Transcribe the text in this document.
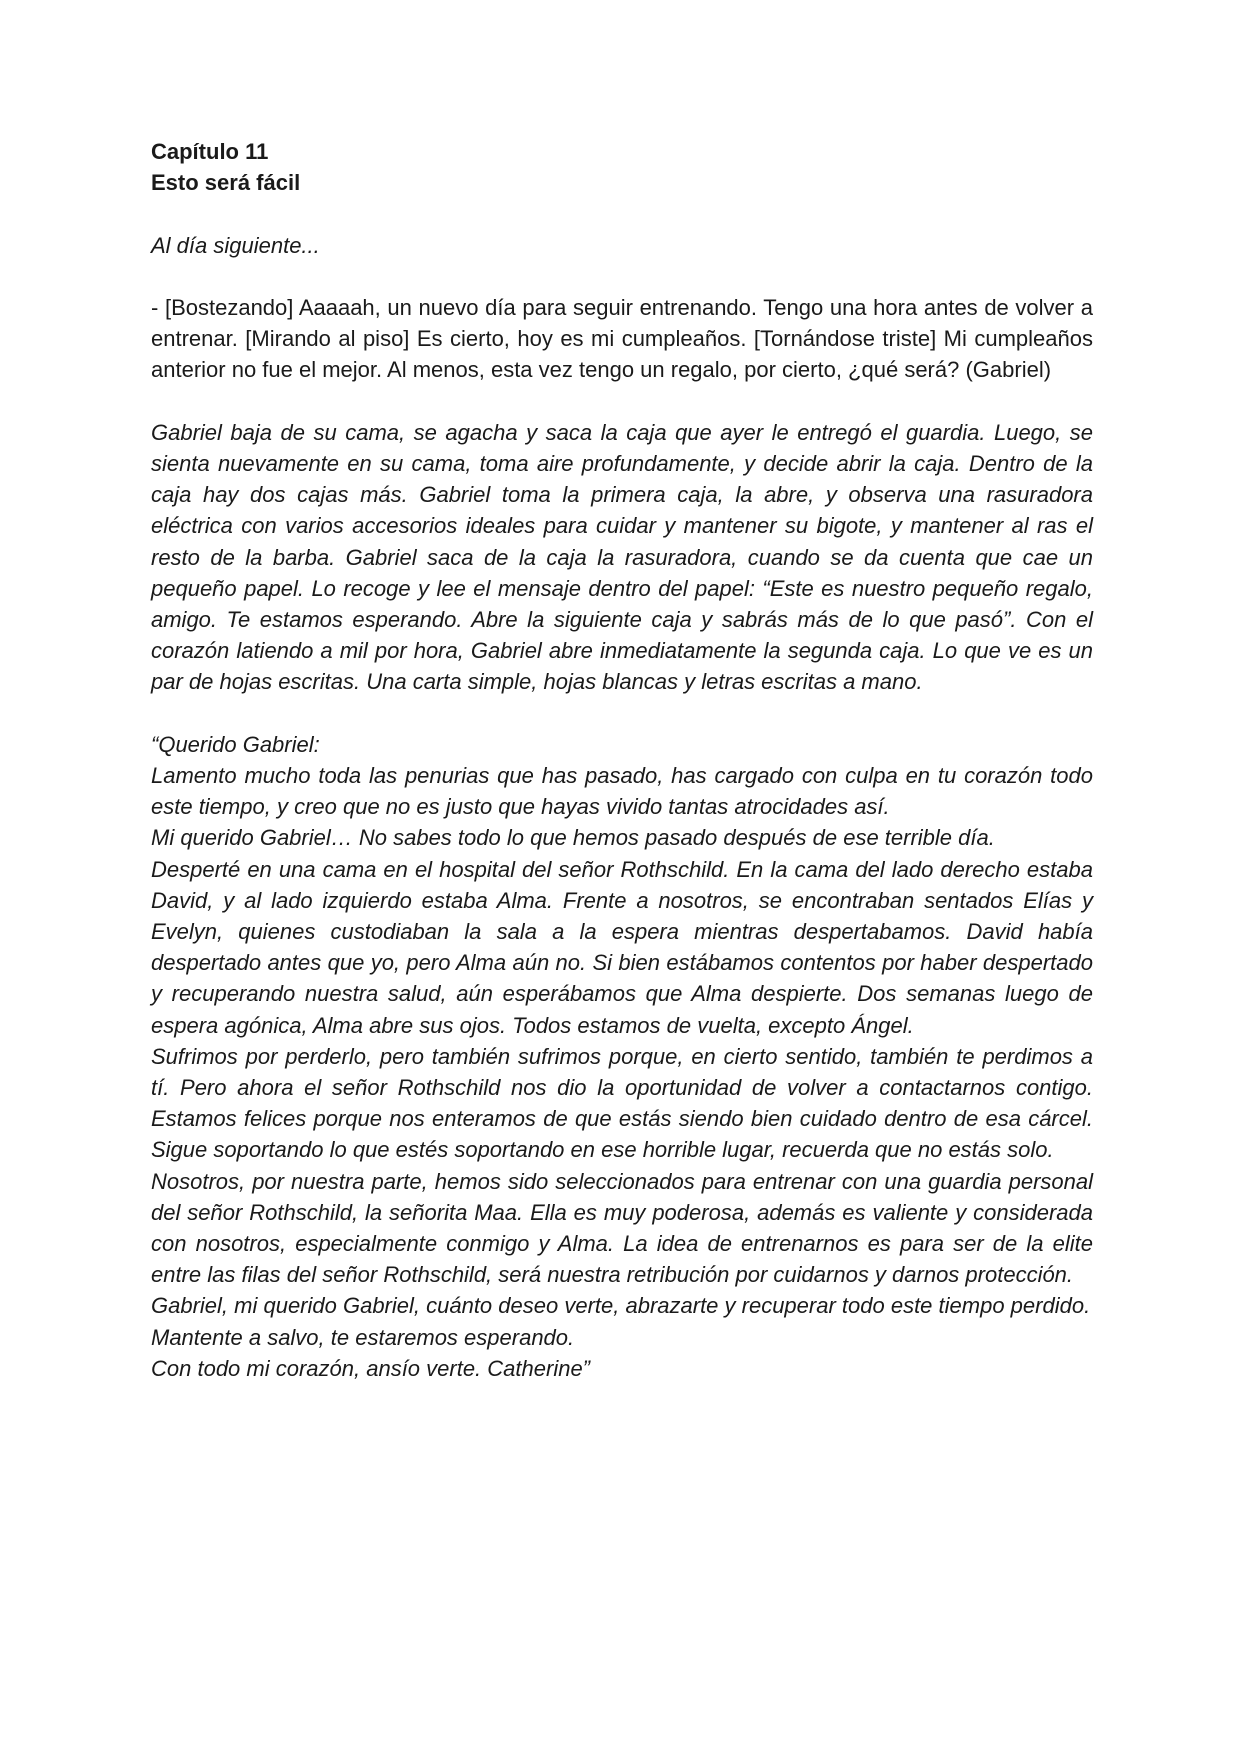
Capítulo 11

Esto será fácil

Al día siguiente...

- [Bostezando] Aaaaah, un nuevo día para seguir entrenando. Tengo una hora antes de volver a entrenar. [Mirando al piso] Es cierto, hoy es mi cumpleaños. [Tornándose triste] Mi cumpleaños anterior no fue el mejor. Al menos, esta vez tengo un regalo, por cierto, ¿qué será? (Gabriel)

Gabriel baja de su cama, se agacha y saca la caja que ayer le entregó el guardia. Luego, se sienta nuevamente en su cama, toma aire profundamente, y decide abrir la caja. Dentro de la caja hay dos cajas más. Gabriel toma la primera caja, la abre, y observa una rasuradora eléctrica con varios accesorios ideales para cuidar y mantener su bigote, y mantener al ras el resto de la barba. Gabriel saca de la caja la rasuradora, cuando se da cuenta que cae un pequeño papel. Lo recoge y lee el mensaje dentro del papel: “Este es nuestro pequeño regalo, amigo. Te estamos esperando. Abre la siguiente caja y sabrás más de lo que pasó”. Con el corazón latiendo a mil por hora, Gabriel abre inmediatamente la segunda caja. Lo que ve es un par de hojas escritas. Una carta simple, hojas blancas y letras escritas a mano.

“Querido Gabriel:

Lamento mucho toda las penurias que has pasado, has cargado con culpa en tu corazón todo este tiempo, y creo que no es justo que hayas vivido tantas atrocidades así.

Mi querido Gabriel… No sabes todo lo que hemos pasado después de ese terrible día.

Desperté en una cama en el hospital del señor Rothschild. En la cama del lado derecho estaba David, y al lado izquierdo estaba Alma. Frente a nosotros, se encontraban sentados Elías y Evelyn, quienes custodiaban la sala a la espera mientras despertabamos. David había despertado antes que yo, pero Alma aún no. Si bien estábamos contentos por haber despertado y recuperando nuestra salud, aún esperábamos que Alma despierte. Dos semanas luego de espera agónica, Alma abre sus ojos. Todos estamos de vuelta, excepto Ángel.

Sufrimos por perderlo, pero también sufrimos porque, en cierto sentido, también te perdimos a tí. Pero ahora el señor Rothschild nos dio la oportunidad de volver a contactarnos contigo. Estamos felices porque nos enteramos de que estás siendo bien cuidado dentro de esa cárcel. Sigue soportando lo que estés soportando en ese horrible lugar, recuerda que no estás solo.

Nosotros, por nuestra parte, hemos sido seleccionados para entrenar con una guardia personal del señor Rothschild, la señorita Maa. Ella es muy poderosa, además es valiente y considerada con nosotros, especialmente conmigo y Alma. La idea de entrenarnos es para ser de la elite entre las filas del señor Rothschild, será nuestra retribución por cuidarnos y darnos protección.

Gabriel, mi querido Gabriel, cuánto deseo verte, abrazarte y recuperar todo este tiempo perdido.

Mantente a salvo, te estaremos esperando.

Con todo mi corazón, ansío verte. Catherine”
